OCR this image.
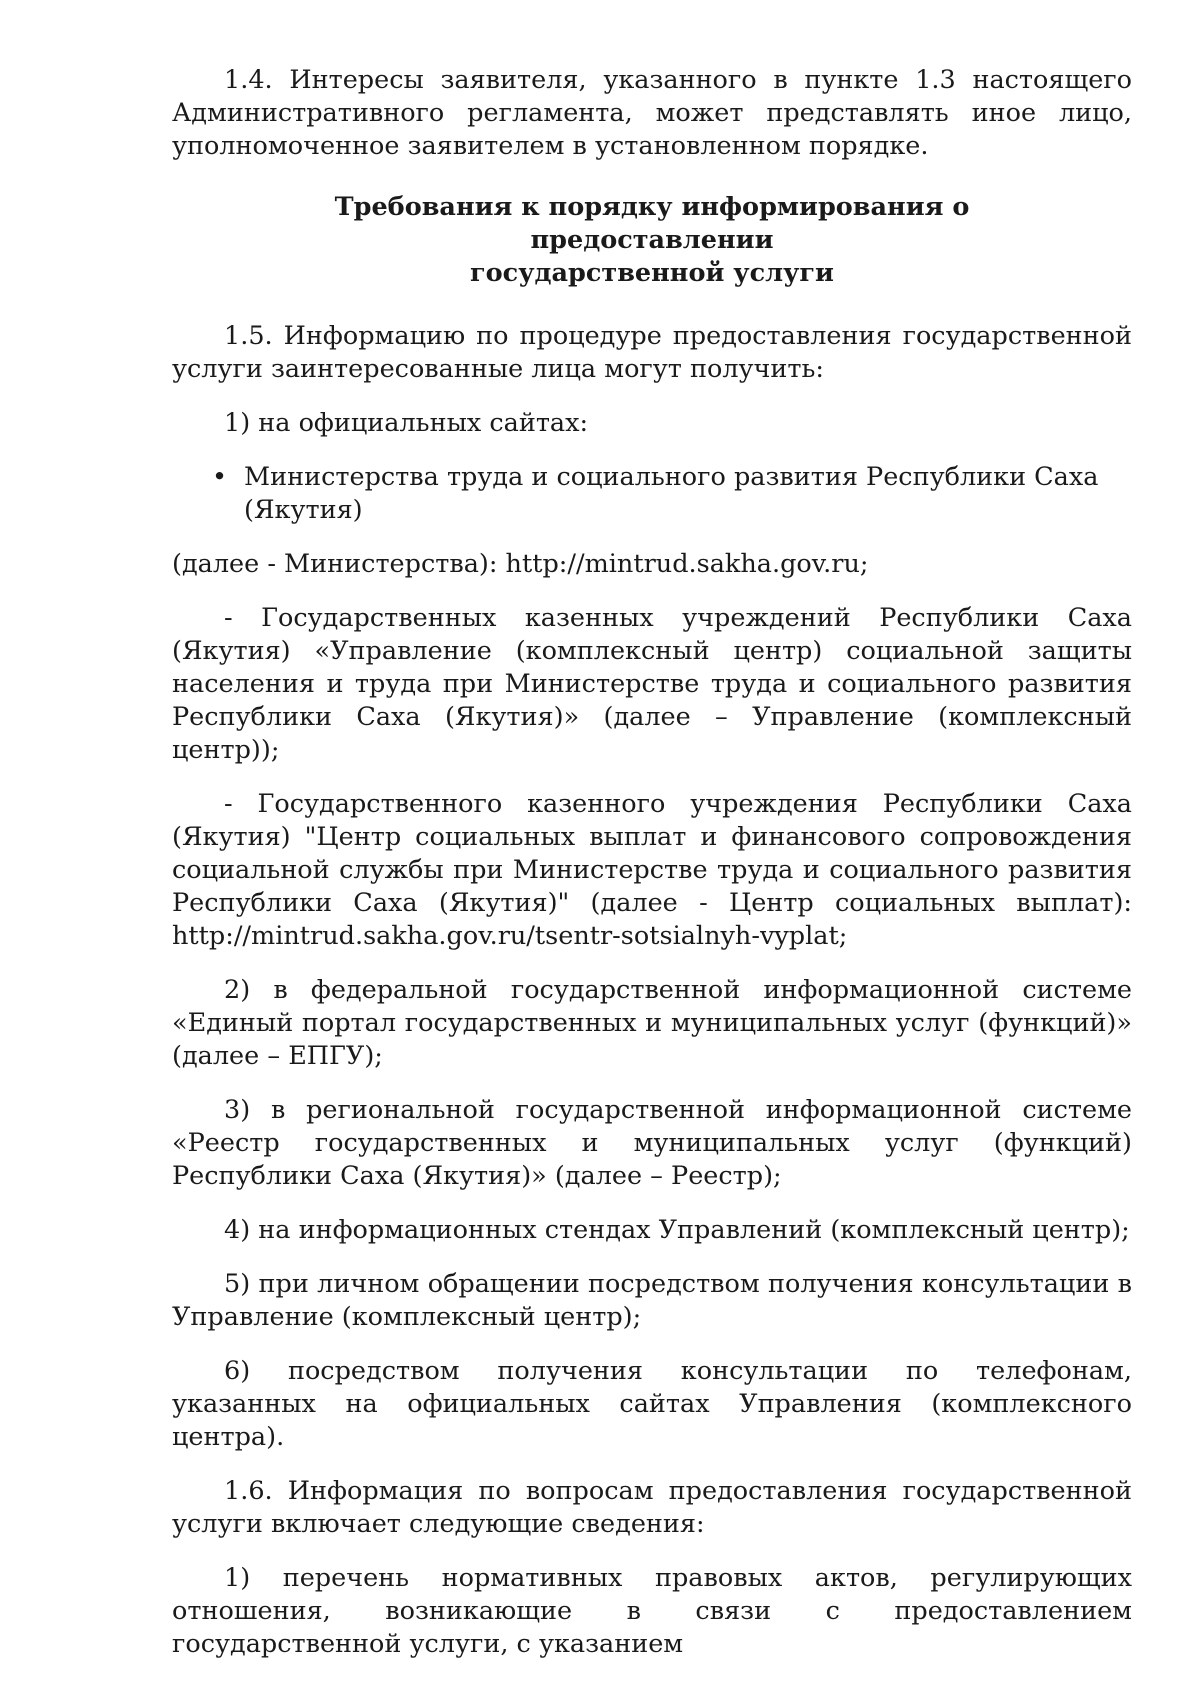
1.4. Интересы заявителя, указанного в пункте 1.3 настоящего Административного регламента, может представлять иное лицо, уполномоченное заявителем в установленном порядке.

Требования к порядку информирования о предоставлении
государственной услуги

1.5. Информацию по процедуре предоставления государственной услуги заинтересованные лица могут получить:

1) на официальных сайтах:

• Министерства труда и социального развития Республики Саха (Якутия)

(далее - Министерства): http://mintrud.sakha.gov.ru;

- Государственных казенных учреждений Республики Саха (Якутия) «Управление (комплексный центр) социальной защиты населения и труда при Министерстве труда и социального развития Республики Саха (Якутия)» (далее – Управление (комплексный центр));

- Государственного казенного учреждения Республики Саха (Якутия) "Центр социальных выплат и финансового сопровождения социальной службы при Министерстве труда и социального развития Республики Саха (Якутия)" (далее - Центр социальных выплат): http://mintrud.sakha.gov.ru/tsentr-sotsialnyh-vyplat;

2) в федеральной государственной информационной системе «Единый портал государственных и муниципальных услуг (функций)» (далее – ЕПГУ);

3) в региональной государственной информационной системе «Реестр государственных и муниципальных услуг (функций) Республики Саха (Якутия)» (далее – Реестр);

4) на информационных стендах Управлений (комплексный центр);

5) при личном обращении посредством получения консультации в Управление (комплексный центр);

6) посредством получения консультации по телефонам, указанных на официальных сайтах Управления (комплексного центра).

1.6. Информация по вопросам предоставления государственной услуги включает следующие сведения:

1) перечень нормативных правовых актов, регулирующих отношения, возникающие в связи с предоставлением государственной услуги, с указанием
